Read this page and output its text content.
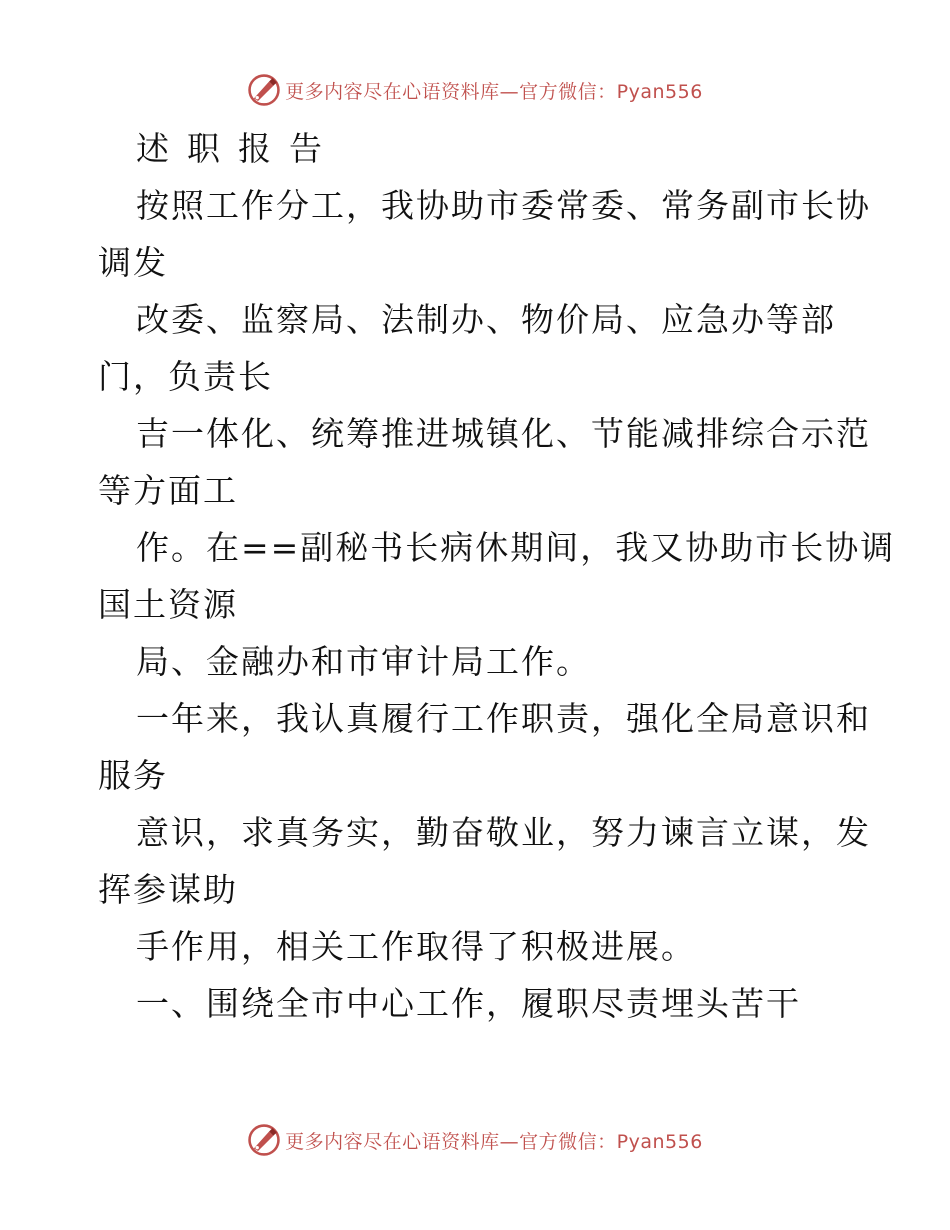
更多内容尽在心语资料库—官方微信：Pyan556
述职报告
按照工作分工，我协助市委常委、常务副市长协
调发
改委、监察局、法制办、物价局、应急办等部
门，负责长
吉一体化、统筹推进城镇化、节能减排综合示范
等方面工
作。在==副秘书长病休期间，我又协助市长协调
国土资源
局、金融办和市审计局工作。
一年来，我认真履行工作职责，强化全局意识和
服务
意识，求真务实，勤奋敬业，努力谏言立谋，发
挥参谋助
手作用，相关工作取得了积极进展。
一、围绕全市中心工作，履职尽责埋头苦干
更多内容尽在心语资料库—官方微信：Pyan556
